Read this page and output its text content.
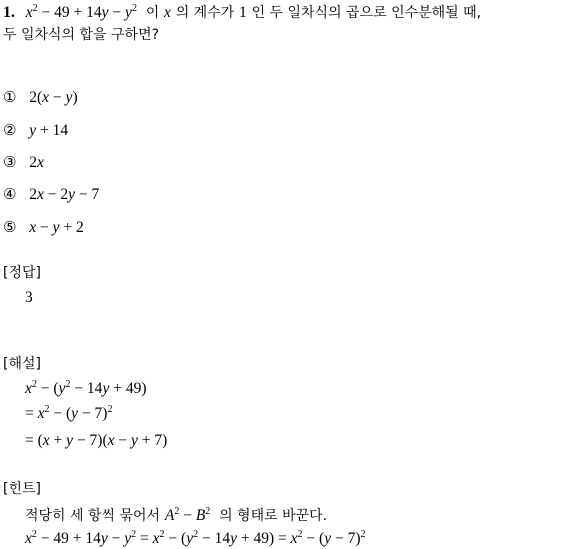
1. $x^2 - 49 + 14y - y^2$ 이 x 의 계수가 1 인 두 일차식의 곱으로 인수분해될 때,
두 일차식의 합을 구하면?
① 2(x − y)
② y + 14
③ 2x
④ 2x − 2y − 7
⑤ x − y + 2
[정답]
3
[해설]
$x^2 - (y^2 - 14y + 49)$
= $x^2 - (y - 7)^2$
= (x + y − 7)(x − y + 7)
[힌트]
적당히 세 항씩 묶어서 $A^2 - B^2$ 의 형태로 바꾼다.
$x^2 - 49 + 14y - y^2 = x^2 - (y^2 - 14y + 49) = x^2 - (y - 7)^2$
